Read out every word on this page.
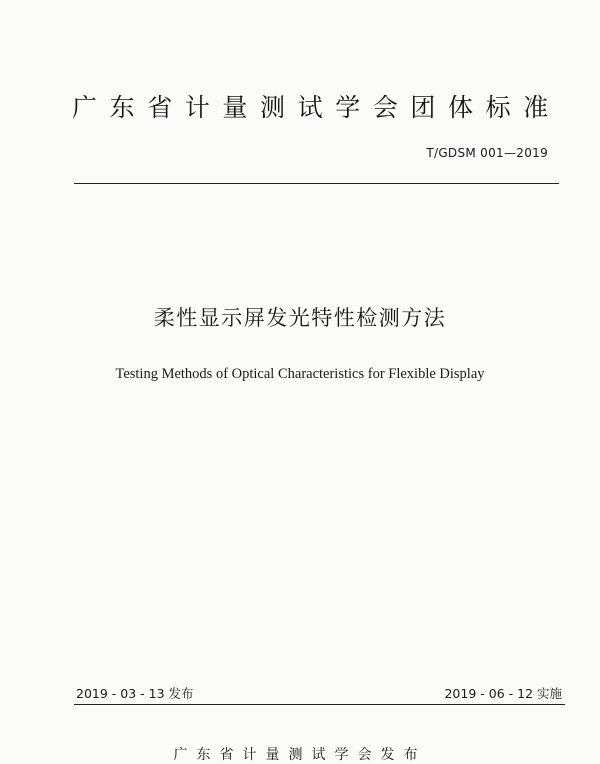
广东省计量测试学会团体标准
T/GDSM 001—2019
柔性显示屏发光特性检测方法
Testing Methods of Optical Characteristics for Flexible Display
2019 - 03 - 13 发布	2019 - 06 - 12 实施
广东省计量测试学会发布
